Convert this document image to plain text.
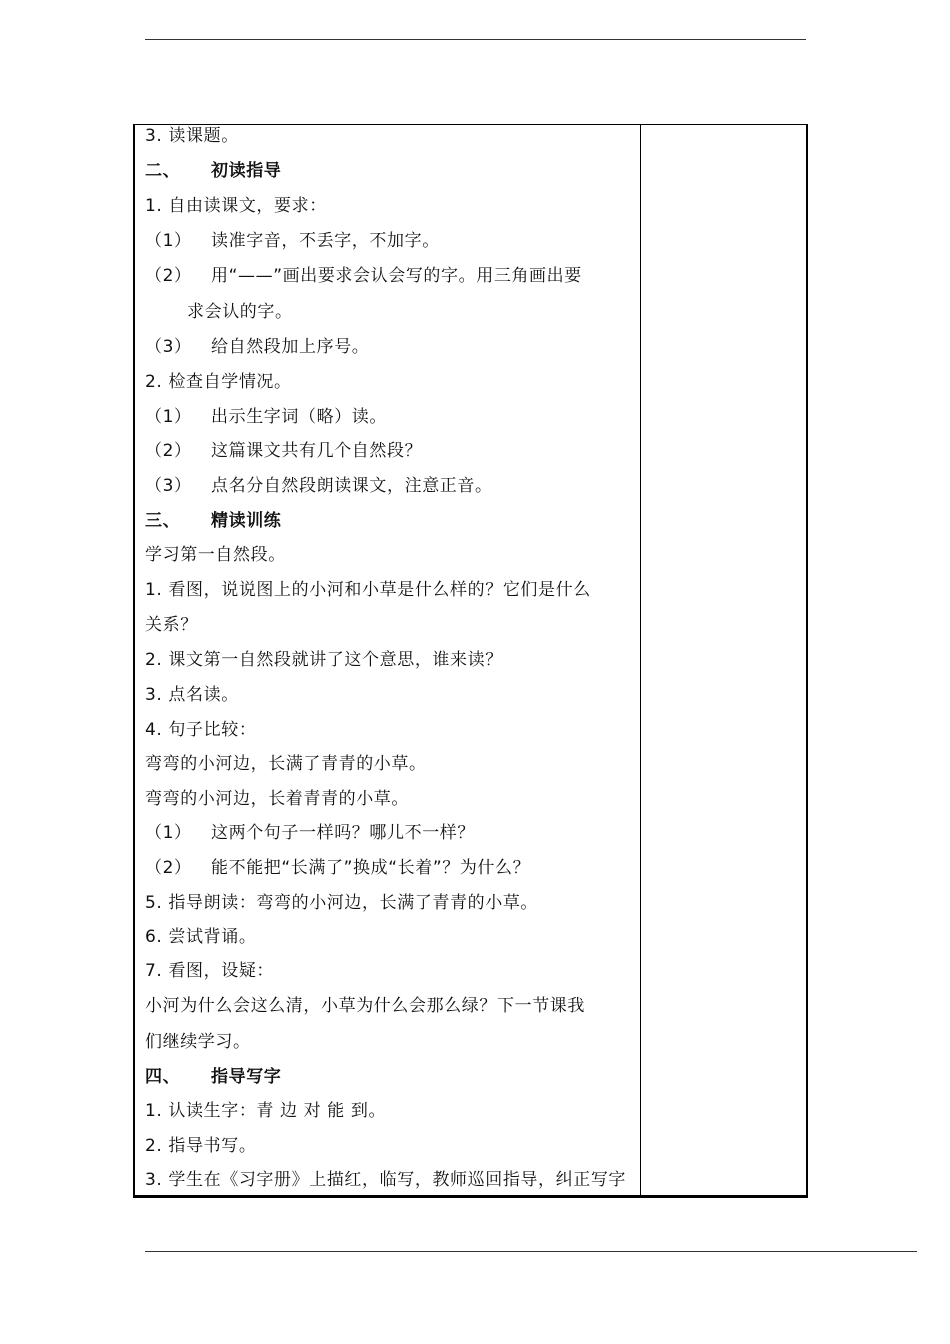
3. 读课题。
二、 初读指导
1. 自由读课文，要求：
（1） 读准字音，不丢字，不加字。
（2） 用“——”画出要求会认会写的字。用三角画出要
求会认的字。
（3） 给自然段加上序号。
2. 检查自学情况。
（1） 出示生字词（略）读。
（2） 这篇课文共有几个自然段？
（3） 点名分自然段朗读课文，注意正音。
三、 精读训练
学习第一自然段。
1. 看图，说说图上的小河和小草是什么样的？它们是什么
关系？
2. 课文第一自然段就讲了这个意思，谁来读？
3. 点名读。
4. 句子比较：
弯弯的小河边，长满了青青的小草。
弯弯的小河边，长着青青的小草。
（1） 这两个句子一样吗？哪儿不一样？
（2） 能不能把“长满了”换成“长着”？为什么？
5. 指导朗读：弯弯的小河边，长满了青青的小草。
6. 尝试背诵。
7. 看图，设疑：
小河为什么会这么清，小草为什么会那么绿？下一节课我
们继续学习。
四、 指导写字
1. 认读生字：青 边 对 能 到。
2. 指导书写。
3. 学生在《习字册》上描红，临写，教师巡回指导，纠正写字
